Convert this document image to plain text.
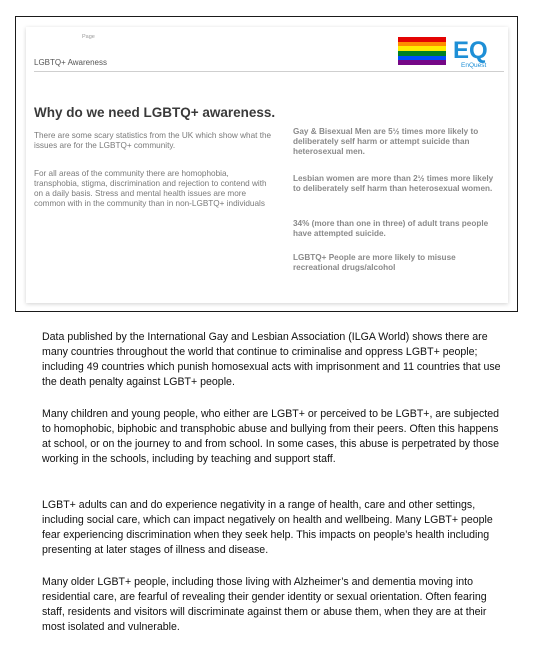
Page
LGBTQ+ Awareness	EQ
EnQuest
Why do we need LGBTQ+ awareness.
There are some scary statistics from the UK which show what the issues are for the LGBTQ+ community.
For all areas of the community there are homophobia, transphobia, stigma, discrimination and rejection to contend with on a daily basis. Stress and mental health issues are more common with in the community than in non-LGBTQ+ individuals
Gay & Bisexual Men are 5½ times more likely to deliberately self harm or attempt suicide than heterosexual men.
Lesbian women are more than 2½ times more likely to deliberately self harm than heterosexual women.
34% (more than one in three) of adult trans people have attempted suicide.
LGBTQ+ People are more likely to misuse recreational drugs/alcohol

Data published by the International Gay and Lesbian Association (ILGA World) shows there are many countries throughout the world that continue to criminalise and oppress LGBT+ people; including 49 countries which punish homosexual acts with imprisonment and 11 countries that use the death penalty against LGBT+ people.

Many children and young people, who either are LGBT+ or perceived to be LGBT+, are subjected to homophobic, biphobic and transphobic abuse and bullying from their peers. Often this happens at school, or on the journey to and from school. In some cases, this abuse is perpetrated by those working in the schools, including by teaching and support staff.

LGBT+ adults can and do experience negativity in a range of health, care and other settings, including social care, which can impact negatively on health and wellbeing. Many LGBT+ people fear experiencing discrimination when they seek help. This impacts on people’s health including presenting at later stages of illness and disease.

Many older LGBT+ people, including those living with Alzheimer’s and dementia moving into residential care, are fearful of revealing their gender identity or sexual orientation. Often fearing staff, residents and visitors will discriminate against them or abuse them, when they are at their most isolated and vulnerable.
